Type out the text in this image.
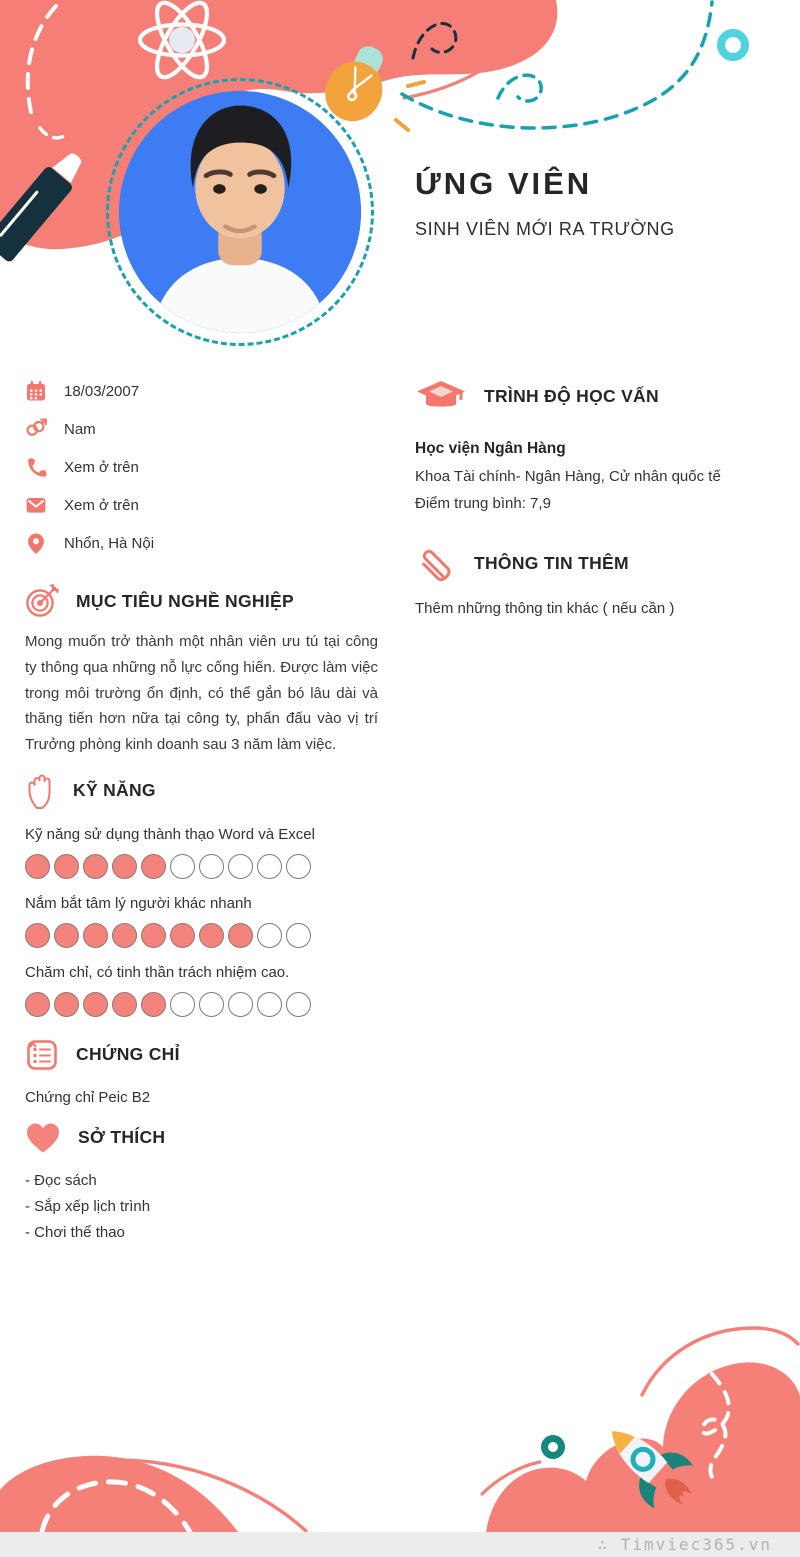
ỨNG VIÊN
SINH VIÊN MỚI RA TRƯỜNG
18/03/2007
Nam
Xem ở trên
Xem ở trên
Nhổn, Hà Nội
MỤC TIÊU NGHỀ NGHIỆP

Mong muốn trở thành một nhân viên ưu tú tại công ty thông qua những nỗ lực cống hiến. Được làm việc trong môi trường ổn định, có thể gắn bó lâu dài và thăng tiến hơn nữa tại công ty, phấn đấu vào vị trí Trưởng phòng kinh doanh sau 3 năm làm việc.

KỸ NĂNG
Kỹ năng sử dụng thành thạo Word và Excel
Nắm bắt tâm lý người khác nhanh
Chăm chỉ, có tinh thần trách nhiệm cao.
CHỨNG CHỈ
Chứng chỉ Peic B2
SỞ THÍCH
- Đọc sách
- Sắp xếp lịch trình
- Chơi thể thao
TRÌNH ĐỘ HỌC VẤN
Học viện Ngân Hàng
Khoa Tài chính- Ngân Hàng, Cử nhân quốc tế
Điểm trung bình: 7,9
THÔNG TIN THÊM
Thêm những thông tin khác ( nếu cần )
∴ Timviec365.vn
